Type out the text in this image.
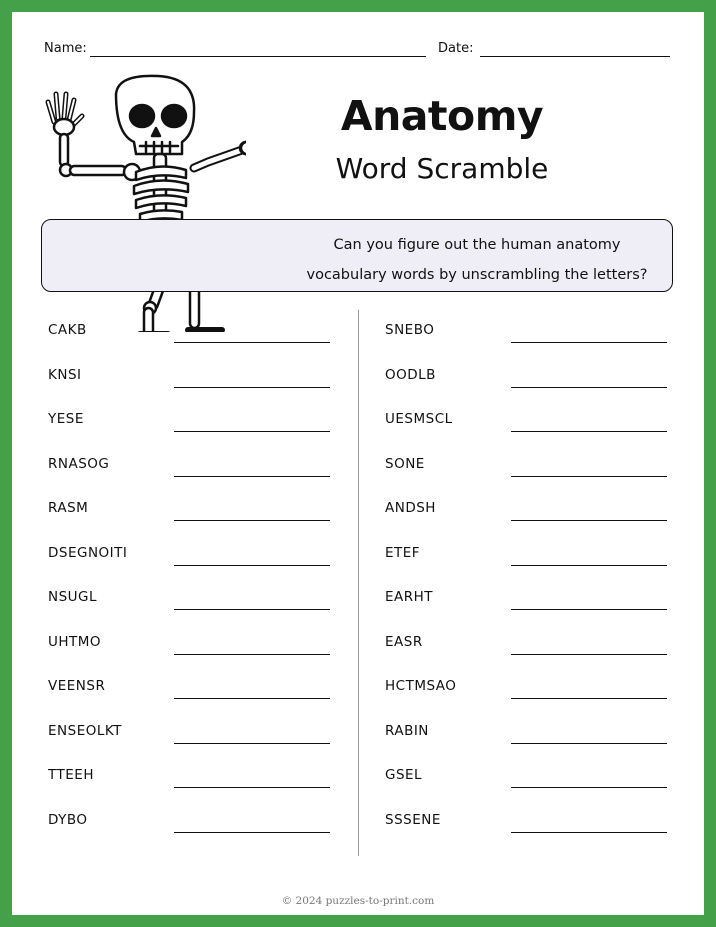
Name:	Date:
Anatomy
Word Scramble
Can you figure out the human anatomy
vocabulary words by unscrambling the letters?
CAKB
KNSI
YESE
RNASOG
RASM
DSEGNOITI
NSUGL
UHTMO
VEENSR
ENSEOLKT
TTEEH
DYBO
SNEBO
OODLB
UESMSCL
SONE
ANDSH
ETEF
EARHT
EASR
HCTMSAO
RABIN
GSEL
SSSENE
© 2024 puzzles-to-print.com
